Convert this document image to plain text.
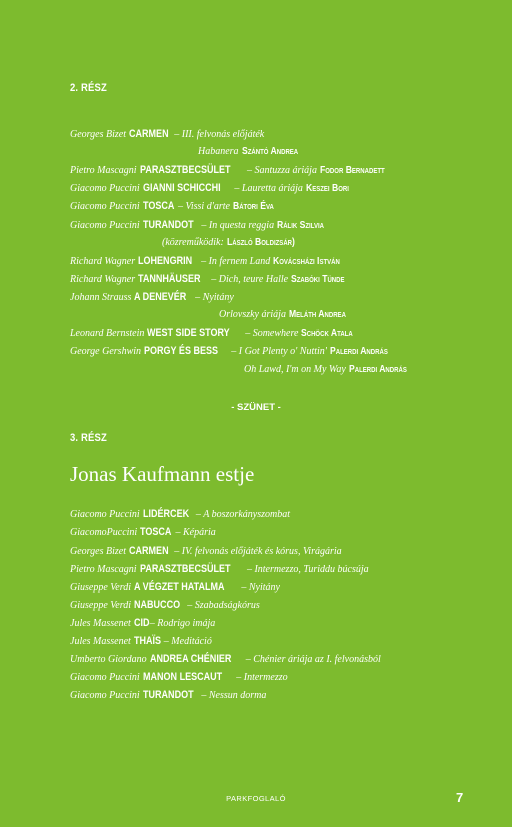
2. RÉSZ
Georges Bizet CARMEN – III. felvonás előjáték
Habanera Szántó Andrea
Pietro Mascagni PARASZTBECSÜLET – Santuzza áriája Fodor Bernadett
Giacomo Puccini GIANNI SCHICCHI – Lauretta áriája Keszei Bori
Giacomo Puccini TOSCA – Vissi d'arte Bátori Éva
Giacomo Puccini TURANDOT – In questa reggia Rálik Szilvia
(közreműködik: László Boldizsár)
Richard Wagner LOHENGRIN – In fernem Land Kovácsházi István
Richard Wagner TANNHÄUSER – Dich, teure Halle Szabóki Tünde
Johann Strauss A DENEVÉR – Nyitány
Orlovszky áriája Meláth Andrea
Leonard Bernstein WEST SIDE STORY – Somewhere Schöck Atala
George Gershwin PORGY ÉS BESS – I Got Plenty o' Nuttin' Palerdi András
Oh Lawd, I'm on My Way Palerdi András
- SZÜNET -
3. RÉSZ
Jonas Kaufmann estje
Giacomo Puccini LIDÉRCEK – A boszorkányszombat
GiacomoPuccini TOSCA – Képária
Georges Bizet CARMEN – IV. felvonás előjáték és kórus, Virágária
Pietro Mascagni PARASZTBECSÜLET – Intermezzo, Turiddu búcsúja
Giuseppe Verdi A VÉGZET HATALMA – Nyitány
Giuseppe Verdi NABUCCO – Szabadságkórus
Jules Massenet CID – Rodrigo imája
Jules Massenet THAÏS – Meditáció
Umberto Giordano ANDREA CHÉNIER – Chénier áriája az I. felvonásból
Giacomo Puccini MANON LESCAUT – Intermezzo
Giacomo Puccini TURANDOT – Nessun dorma
PARKFOGLALÓ	7
